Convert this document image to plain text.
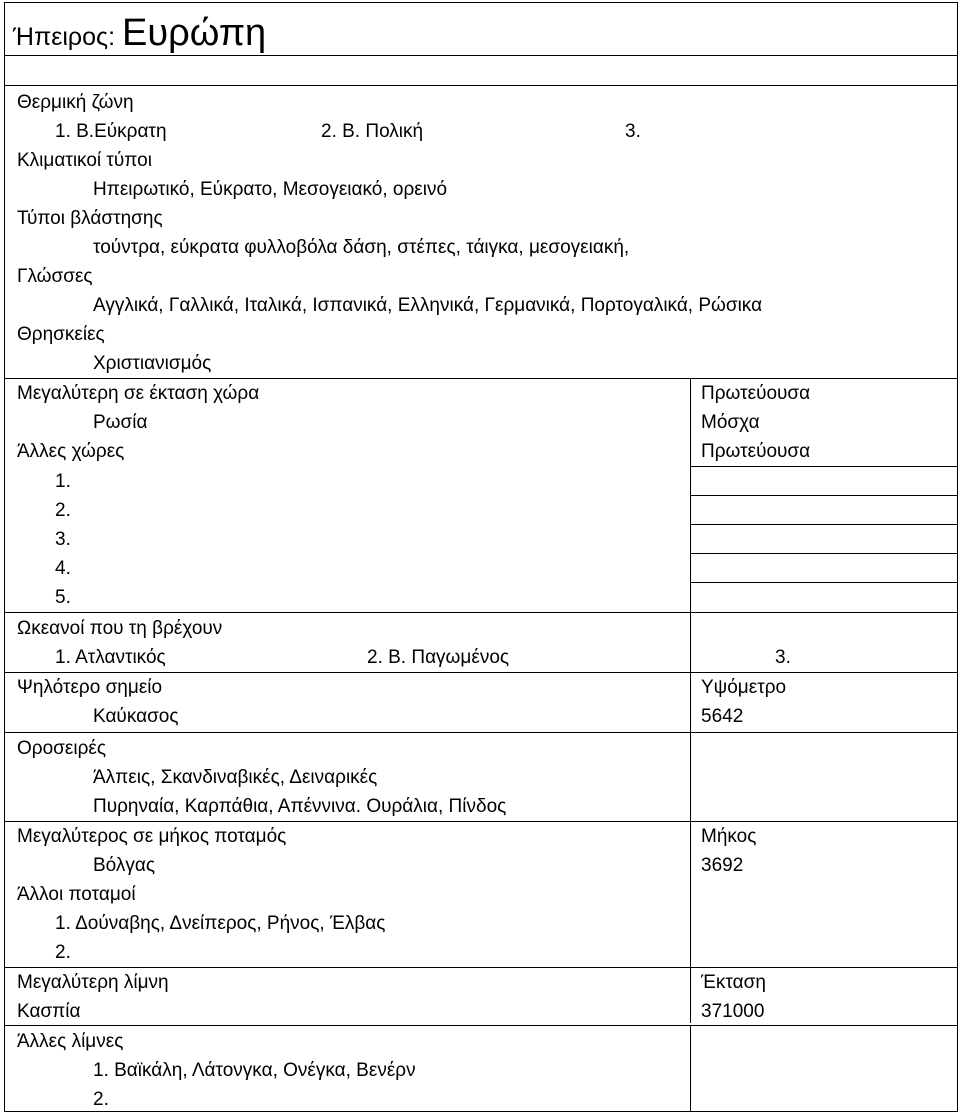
Ήπειρος: Ευρώπη
Θερμική ζώνη
1. Β.Εύκρατη	2. Β. Πολική	3.
Κλιματικοί τύποι
Ηπειρωτικό, Εύκρατο, Μεσογειακό, ορεινό
Τύποι βλάστησης
τούντρα, εύκρατα φυλλοβόλα δάση, στέπες, τάιγκα, μεσογειακή,
Γλώσσες
Αγγλικά, Γαλλικά, Ιταλικά, Ισπανικά, Ελληνικά, Γερμανικά, Πορτογαλικά, Ρώσικα
Θρησκείες
Χριστιανισμός
Μεγαλύτερη σε έκταση χώρα	Πρωτεύουσα
Ρωσία	Μόσχα
Άλλες χώρες	Πρωτεύουσα
1.
2.
3.
4.
5.
Ωκεανοί που τη βρέχουν
1. Ατλαντικός	2. Β. Παγωμένος	3.
Ψηλότερο σημείο	Υψόμετρο
Καύκασος	5642
Οροσειρές
Άλπεις, Σκανδιναβικές, Δειναρικές
Πυρηναία, Καρπάθια, Απέννινα. Ουράλια, Πίνδος
Μεγαλύτερος σε μήκος ποταμός	Μήκος
Βόλγας	3692
Άλλοι ποταμοί
1. Δούναβης, Δνείπερος, Ρήνος, Έλβας
2.
Μεγαλύτερη λίμνη	Έκταση
Κασπία	371000
Άλλες λίμνες
1. Βαϊκάλη, Λάτονγκα, Ονέγκα, Βενέρν
2.
